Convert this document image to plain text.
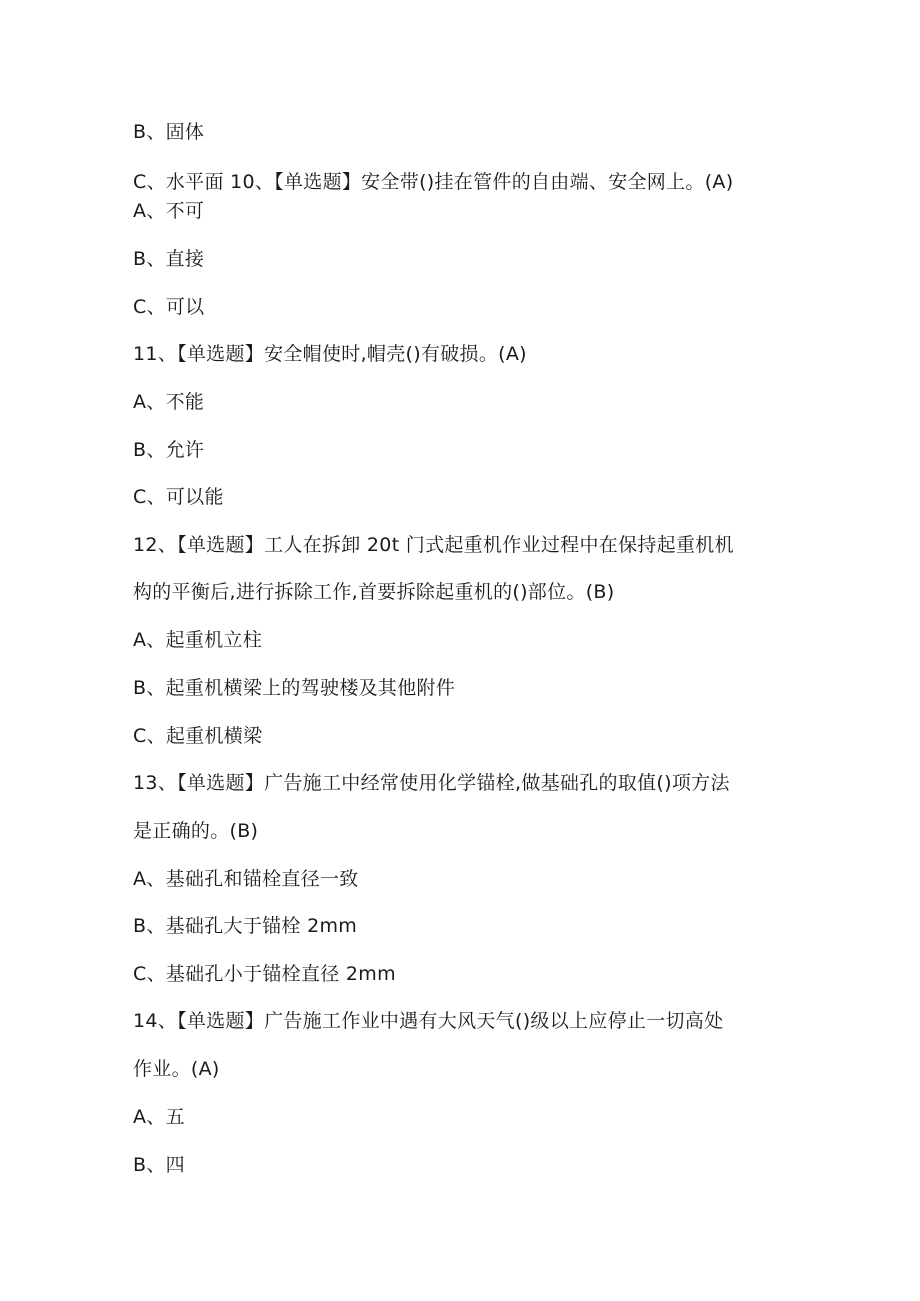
B、固体
C、水平面 10、【单选题】安全带()挂在管件的自由端、安全网上。(A)
A、不可
B、直接
C、可以
11、【单选题】安全帽使时,帽壳()有破损。(A)
A、不能
B、允许
C、可以能
12、【单选题】工人在拆卸 20t 门式起重机作业过程中在保持起重机机
构的平衡后,进行拆除工作,首要拆除起重机的()部位。(B)
A、起重机立柱
B、起重机横梁上的驾驶楼及其他附件
C、起重机横梁
13、【单选题】广告施工中经常使用化学锚栓,做基础孔的取值()项方法
是正确的。(B)
A、基础孔和锚栓直径一致
B、基础孔大于锚栓 2mm
C、基础孔小于锚栓直径 2mm
14、【单选题】广告施工作业中遇有大风天气()级以上应停止一切高处
作业。(A)
A、五
B、四
